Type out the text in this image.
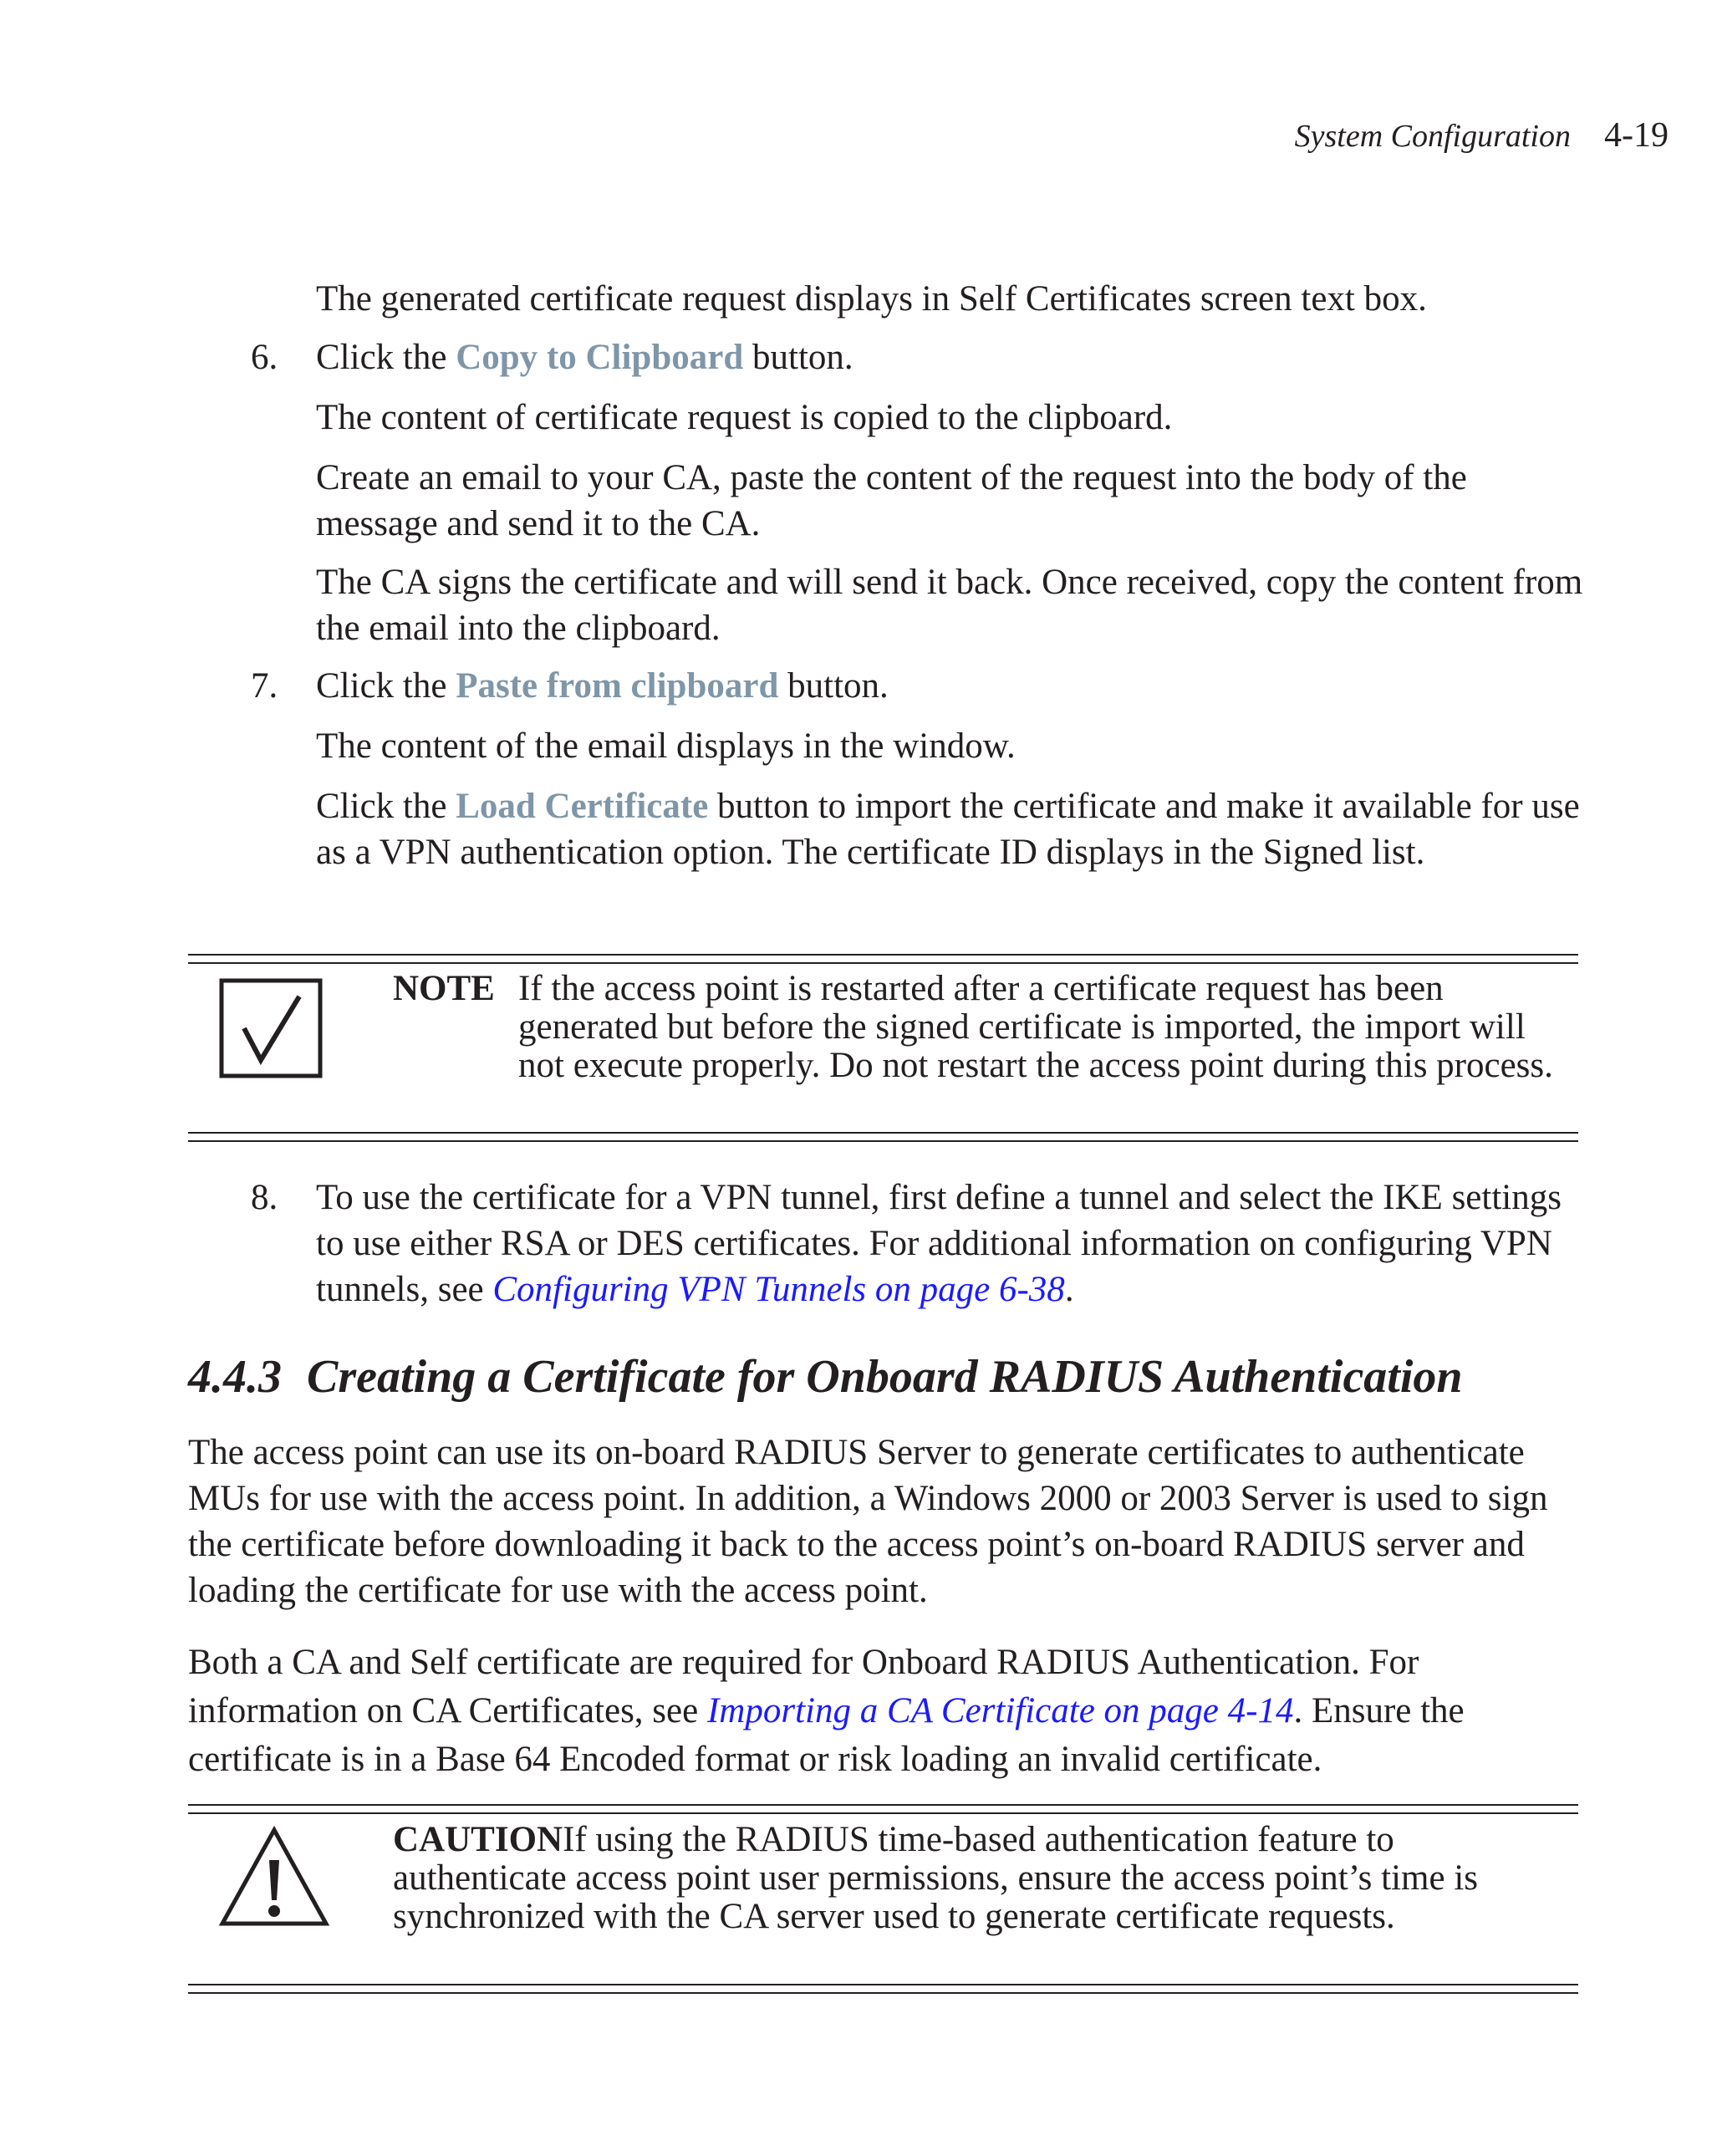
System Configuration 4-19

The generated certificate request displays in Self Certificates screen text box.

6. Click the Copy to Clipboard button.

The content of certificate request is copied to the clipboard.

Create an email to your CA, paste the content of the request into the body of the message and send it to the CA.

The CA signs the certificate and will send it back. Once received, copy the content from the email into the clipboard.

7. Click the Paste from clipboard button.

The content of the email displays in the window.

Click the Load Certificate button to import the certificate and make it available for use as a VPN authentication option. The certificate ID displays in the Signed list.

NOTE If the access point is restarted after a certificate request has been generated but before the signed certificate is imported, the import will not execute properly. Do not restart the access point during this process.
8. To use the certificate for a VPN tunnel, first define a tunnel and select the IKE settings to use either RSA or DES certificates. For additional information on configuring VPN tunnels, see Configuring VPN Tunnels on page 6-38.

4.4.3 Creating a Certificate for Onboard RADIUS Authentication

The access point can use its on-board RADIUS Server to generate certificates to authenticate MUs for use with the access point. In addition, a Windows 2000 or 2003 Server is used to sign the certificate before downloading it back to the access point’s on-board RADIUS server and loading the certificate for use with the access point.

Both a CA and Self certificate are required for Onboard RADIUS Authentication. For information on CA Certificates, see Importing a CA Certificate on page 4-14. Ensure the certificate is in a Base 64 Encoded format or risk loading an invalid certificate.

CAUTIONIf using the RADIUS time-based authentication feature to authenticate access point user permissions, ensure the access point’s time is synchronized with the CA server used to generate certificate requests.
